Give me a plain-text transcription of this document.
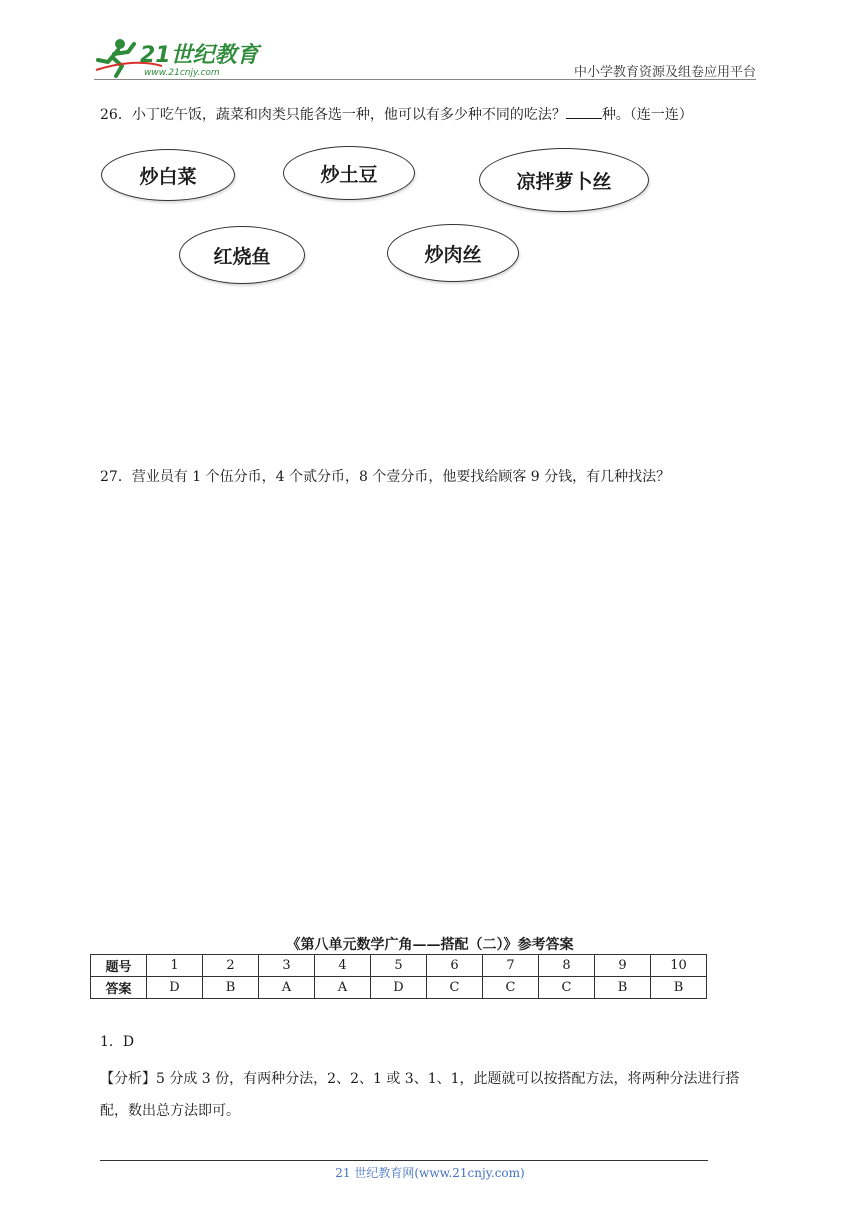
21世纪教育
www.21cnjy.com	中小学教育资源及组卷应用平台
26．小丁吃午饭，蔬菜和肉类只能各选一种，他可以有多少种不同的吃法？	种。（连一连）
炒白菜	炒土豆	凉拌萝卜丝
红烧鱼	炒肉丝
27．营业员有 1 个伍分币，4 个贰分币，8 个壹分币，他要找给顾客 9 分钱，有几种找法？
《第八单元数学广角——搭配（二）》参考答案
题号	1	2	3	4	5	6	7	8	9	10
答案	D	B	A	A	D	C	C	C	B	B
1．D
【分析】5 分成 3 份，有两种分法，2、2、1 或 3、1、1，此题就可以按搭配方法，将两种分法进行搭配，数出总方法即可。
21 世纪教育网(www.21cnjy.com)
